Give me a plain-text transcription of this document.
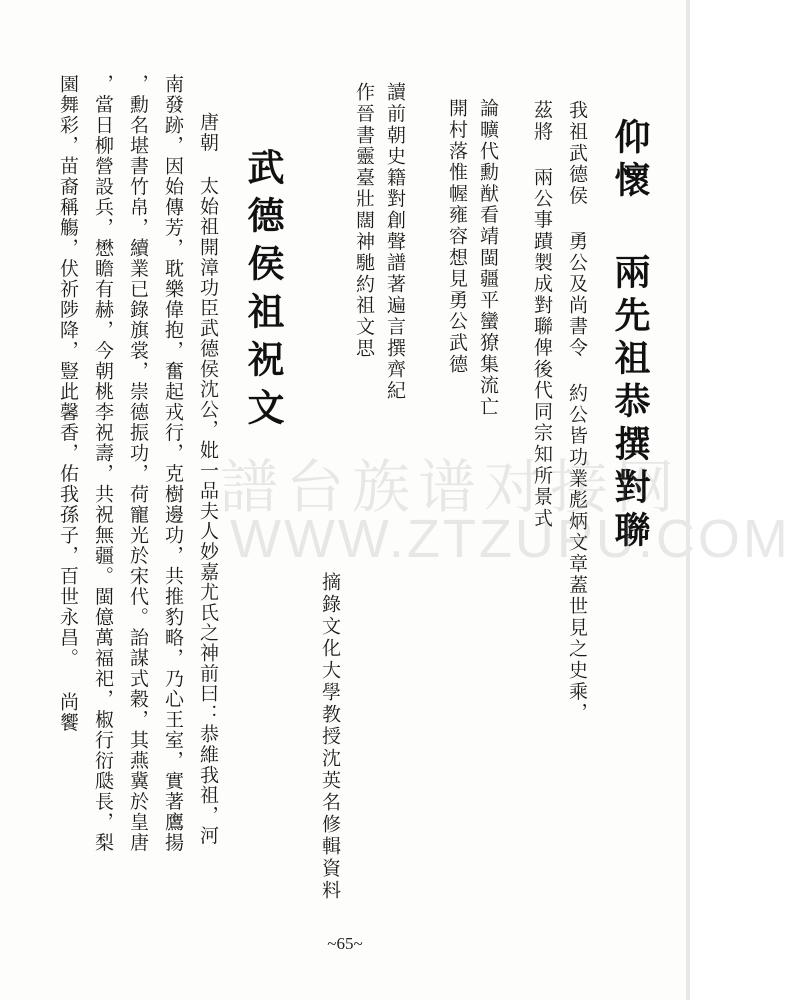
仰懷 兩先祖恭撰對聯
我祖武德侯 勇公及尚書令 約公皆功業彪炳文章蓋世見之史乘，
茲將 兩公事蹟製成對聯俾後代同宗知所景式
論曠代勳猷看靖閩疆平蠻獠集流亡
開村落惟幄雍容想見勇公武德
讀前朝史籍對創聲譜著遍言撰齊紀
作晉書靈臺壯闊神馳約祖文思
摘錄文化大學教授沈英名修輯資料
武德侯祖祝文
唐朝 太始祖開漳功臣武德侯沈公，妣一品夫人妙嘉尤氏之神前曰：恭維我祖，河
南發跡，因始傳芳，耽樂偉抱，奮起戎行，克樹邊功，共推豹略，乃心王室，實著鷹揚
，勳名堪書竹帛，續業已錄旗裳，崇德振功，荷寵光於宋代。詒謀式穀，其燕冀於皇唐
，當日柳營設兵，懋瞻有赫，今朝桃李祝壽，共祝無疆。閩億萬福祀，椒行衍瓞長，梨
園舞彩，苗裔稱觴，伏祈陟降，豎此馨香，佑我孫子，百世永昌。 尚饗 譜台族谱对接网
WWW.ZTZUPU.COM
~65~
